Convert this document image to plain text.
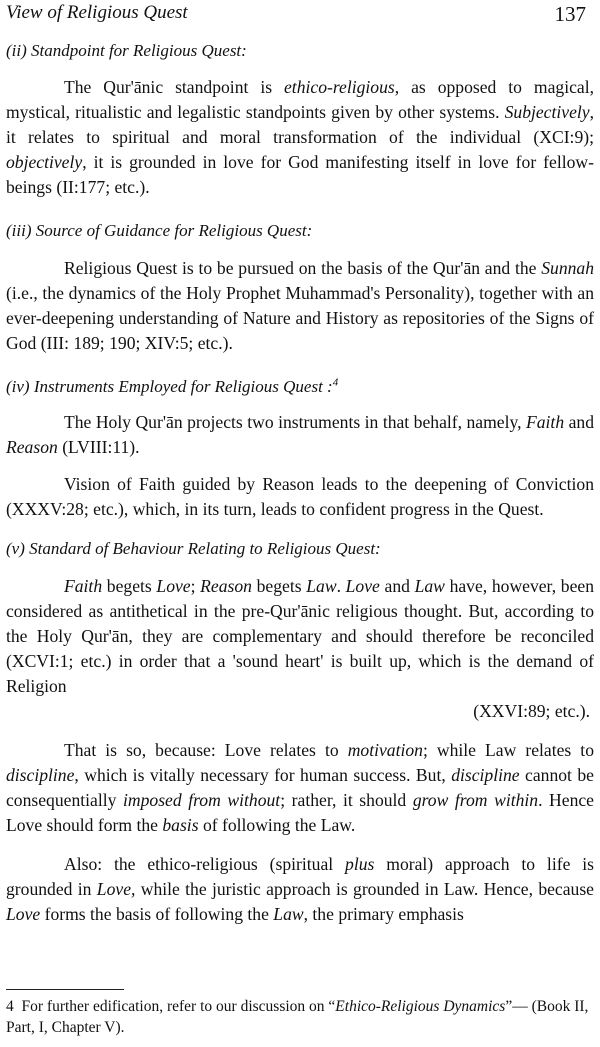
View of Religious Quest	137

(ii) Standpoint for Religious Quest:

The Qur'ānic standpoint is ethico-religious, as opposed to magical, mystical, ritualistic and legalistic standpoints given by other systems. Subjectively, it relates to spiritual and moral transformation of the individual (XCI:9); objectively, it is grounded in love for God manifesting itself in love for fellow-beings (II:177; etc.).

(iii) Source of Guidance for Religious Quest:

Religious Quest is to be pursued on the basis of the Qur'ān and the Sunnah (i.e., the dynamics of the Holy Prophet Muhammad's Personality), together with an ever-deepening understanding of Nature and History as repositories of the Signs of God (III: 189; 190; XIV:5; etc.).

(iv) Instruments Employed for Religious Quest :$^4$

The Holy Qur'ān projects two instruments in that behalf, namely, Faith and Reason (LVIII:11).

Vision of Faith guided by Reason leads to the deepening of Conviction (XXXV:28; etc.), which, in its turn, leads to confident progress in the Quest.

(v) Standard of Behaviour Relating to Religious Quest:

Faith begets Love; Reason begets Law. Love and Law have, however, been considered as antithetical in the pre-Qur'ānic religious thought. But, according to the Holy Qur'ān, they are complementary and should therefore be reconciled (XCVI:1; etc.) in order that a 'sound heart' is built up, which is the demand of Religion
(XXVI:89; etc.).

That is so, because: Love relates to motivation; while Law relates to discipline, which is vitally necessary for human success. But, discipline cannot be consequentially imposed from without; rather, it should grow from within. Hence Love should form the basis of following the Law.

Also: the ethico-religious (spiritual plus moral) approach to life is grounded in Love, while the juristic approach is grounded in Law. Hence, because Love forms the basis of following the Law, the primary emphasis

4 For further edification, refer to our discussion on “Ethico-Religious Dynamics”— (Book II, Part, I, Chapter V).
